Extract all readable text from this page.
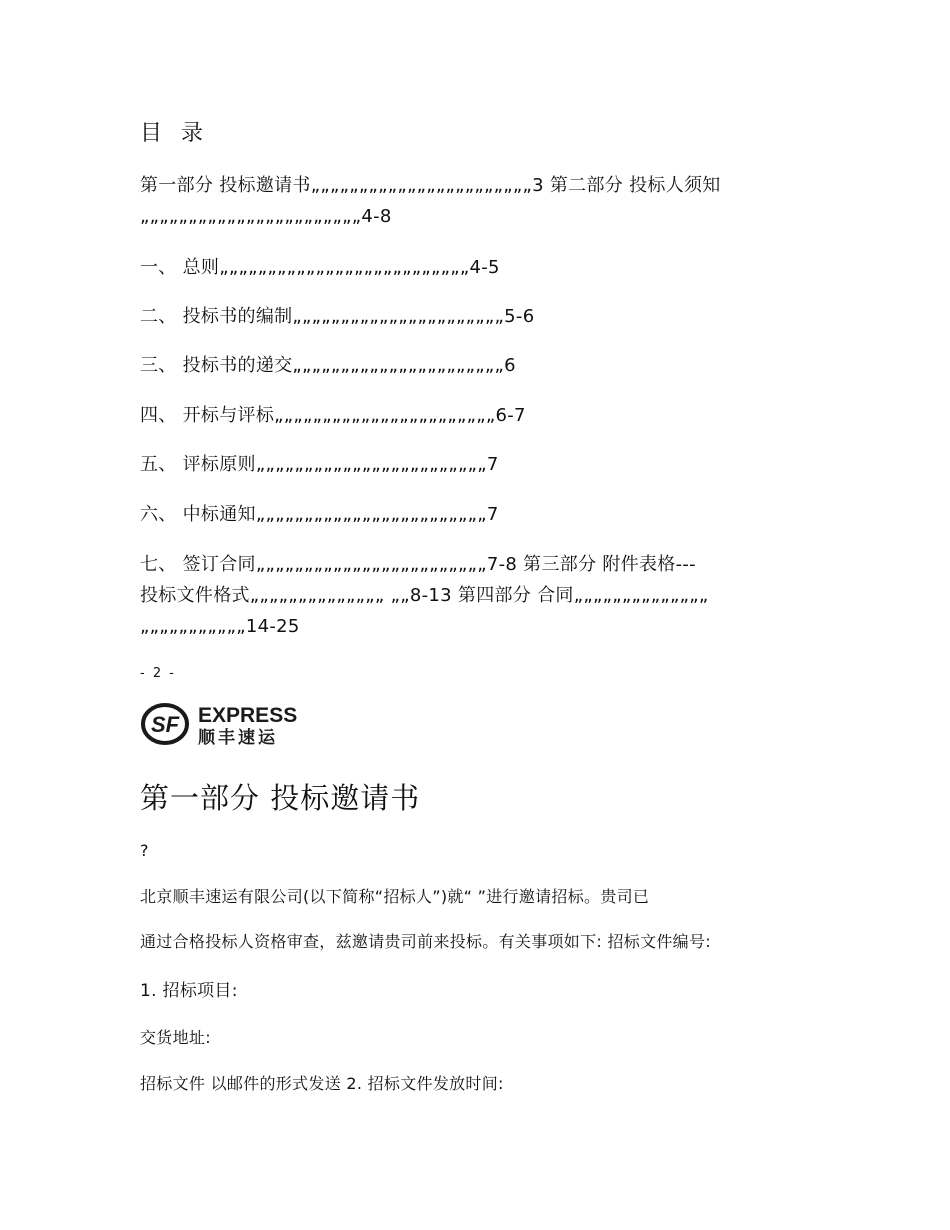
目 录
第一部分 投标邀请书„„„„„„„„„„„„„„„„„„„„„„„3 第二部分 投标人须知
„„„„„„„„„„„„„„„„„„„„„„„4-8
一、 总则„„„„„„„„„„„„„„„„„„„„„„„„„„4-5
二、 投标书的编制„„„„„„„„„„„„„„„„„„„„„„5-6
三、 投标书的递交„„„„„„„„„„„„„„„„„„„„„„6
四、 开标与评标„„„„„„„„„„„„„„„„„„„„„„„6-7
五、 评标原则„„„„„„„„„„„„„„„„„„„„„„„„7
六、 中标通知„„„„„„„„„„„„„„„„„„„„„„„„7
七、 签订合同„„„„„„„„„„„„„„„„„„„„„„„„7-8 第三部分 附件表格---
投标文件格式„„„„„„„„„„„„„„ „„8-13 第四部分 合同„„„„„„„„„„„„„„
„„„„„„„„„„„14-25
- 2 -
SF EXPRESS
顺丰速运
第一部分 投标邀请书
?
北京顺丰速运有限公司(以下简称“招标人”)就“ ”进行邀请招标。贵司已
通过合格投标人资格审查，兹邀请贵司前来投标。有关事项如下: 招标文件编号:
1. 招标项目:
交货地址:
招标文件 以邮件的形式发送 2. 招标文件发放时间:
